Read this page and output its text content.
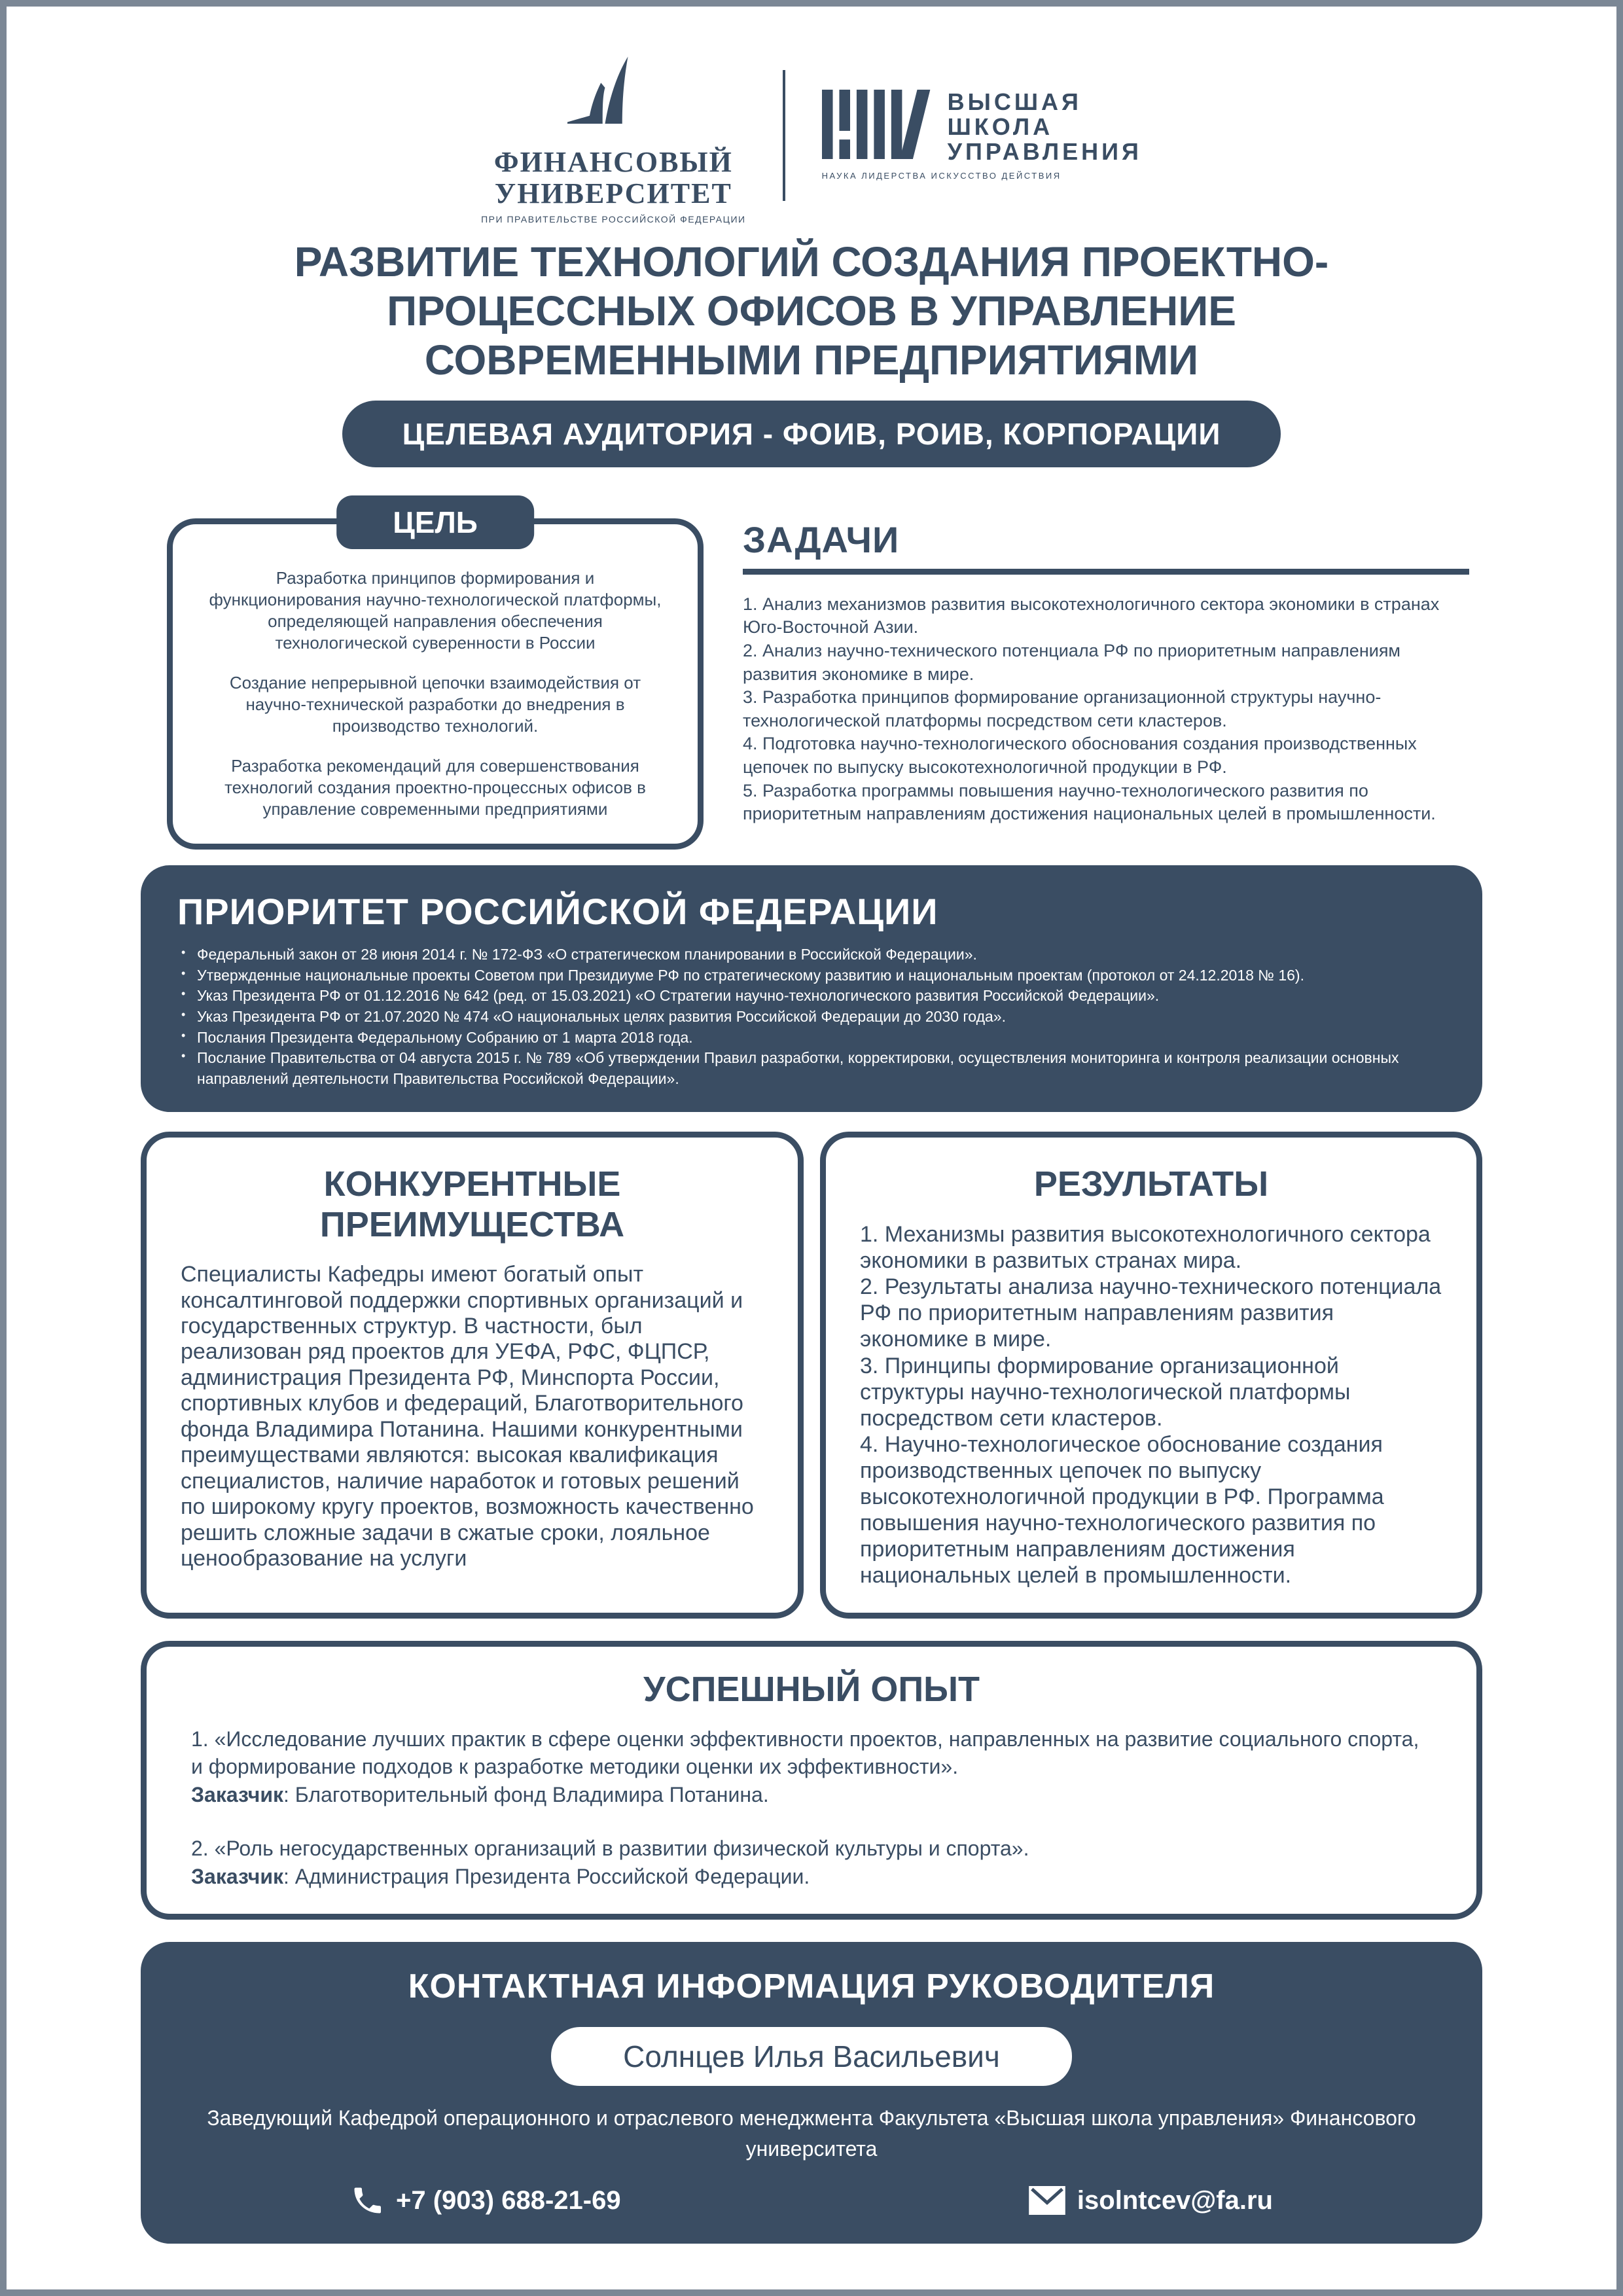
ФИНАНСОВЫЙ
УНИВЕРСИТЕТ
ПРИ ПРАВИТЕЛЬСТВЕ РОССИЙСКОЙ ФЕДЕРАЦИИ
ВЫСШАЯ
ШКОЛА
УПРАВЛЕНИЯ
НАУКА ЛИДЕРСТВА ИСКУССТВО ДЕЙСТВИЯ
РАЗВИТИЕ ТЕХНОЛОГИЙ СОЗДАНИЯ ПРОЕКТНО-
ПРОЦЕССНЫХ ОФИСОВ В УПРАВЛЕНИЕ
СОВРЕМЕННЫМИ ПРЕДПРИЯТИЯМИ
ЦЕЛЕВАЯ АУДИТОРИЯ - ФОИВ, РОИВ, КОРПОРАЦИИ
ЦЕЛЬ
Разработка принципов формирования и функционирования научно-технологической платформы, определяющей направления обеспечения технологической суверенности в России
Создание непрерывной цепочки взаимодействия от научно-технической разработки до внедрения в производство технологий.
Разработка рекомендаций для совершенствования технологий создания проектно-процессных офисов в управление современными предприятиями
ЗАДАЧИ
1. Анализ механизмов развития высокотехнологичного сектора экономики в странах Юго-Восточной Азии.
2. Анализ научно-технического потенциала РФ по приоритетным направлениям развития экономике в мире.
3. Разработка принципов формирование организационной структуры научно-технологической платформы посредством сети кластеров.
4. Подготовка научно-технологического обоснования создания производственных цепочек по выпуску высокотехнологичной продукции в РФ.
5. Разработка программы повышения научно-технологического развития по приоритетным направлениям достижения национальных целей в промышленности.
ПРИОРИТЕТ РОССИЙСКОЙ ФЕДЕРАЦИИ
• Федеральный закон от 28 июня 2014 г. № 172-ФЗ «О стратегическом планировании в Российской Федерации».
• Утвержденные национальные проекты Советом при Президиуме РФ по стратегическому развитию и национальным проектам (протокол от 24.12.2018 № 16).
• Указ Президента РФ от 01.12.2016 № 642 (ред. от 15.03.2021) «О Стратегии научно-технологического развития Российской Федерации».
• Указ Президента РФ от 21.07.2020 № 474 «О национальных целях развития Российской Федерации до 2030 года».
• Послания Президента Федеральному Собранию от 1 марта 2018 года.
• Послание Правительства от 04 августа 2015 г. № 789 «Об утверждении Правил разработки, корректировки, осуществления мониторинга и контроля реализации основных направлений деятельности Правительства Российской Федерации».
КОНКУРЕНТНЫЕ
ПРЕИМУЩЕСТВА
Специалисты Кафедры имеют богатый опыт консалтинговой поддержки спортивных организаций и государственных структур. В частности, был реализован ряд проектов для УЕФА, РФС, ФЦПСР, администрация Президента РФ, Минспорта России, спортивных клубов и федераций, Благотворительного фонда Владимира Потанина. Нашими конкурентными преимуществами являются: высокая квалификация специалистов, наличие наработок и готовых решений по широкому кругу проектов, возможность качественно решить сложные задачи в сжатые сроки, лояльное ценообразование на услуги
РЕЗУЛЬТАТЫ
1. Механизмы развития высокотехнологичного сектора экономики в развитых странах мира.
2. Результаты анализа научно-технического потенциала РФ по приоритетным направлениям развития экономике в мире.
3. Принципы формирование организационной структуры научно-технологической платформы посредством сети кластеров.
4. Научно-технологическое обоснование создания производственных цепочек по выпуску высокотехнологичной продукции в РФ. Программа повышения научно-технологического развития по приоритетным направлениям достижения национальных целей в промышленности.
УСПЕШНЫЙ ОПЫТ
1. «Исследование лучших практик в сфере оценки эффективности проектов, направленных на развитие социального спорта, и формирование подходов к разработке методики оценки их эффективности».
Заказчик: Благотворительный фонд Владимира Потанина.
2. «Роль негосударственных организаций в развитии физической культуры и спорта».
Заказчик: Администрация Президента Российской Федерации.
КОНТАКТНАЯ ИНФОРМАЦИЯ РУКОВОДИТЕЛЯ
Солнцев Илья Васильевич
Заведующий Кафедрой операционного и отраслевого менеджмента Факультета «Высшая школа управления» Финансового университета
+7 (903) 688-21-69	isolntcev@fa.ru
